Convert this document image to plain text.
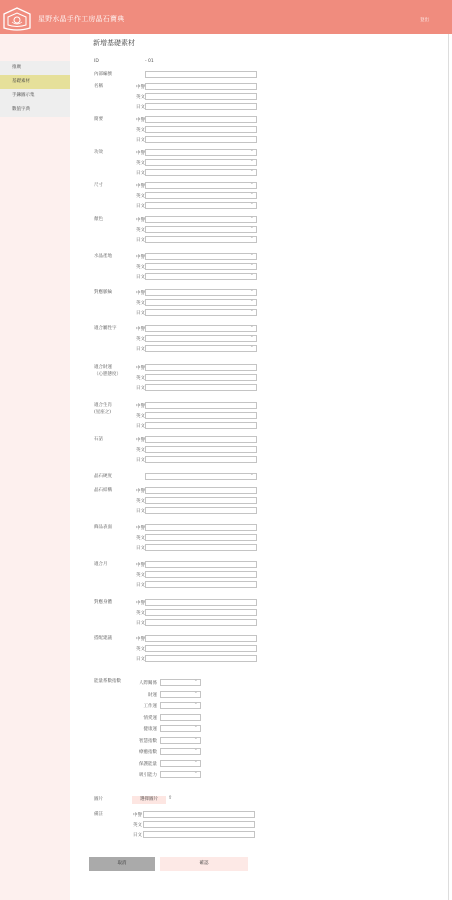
星野水晶手作工房晶石寶典	登出
推廣
基礎素材
手鍊圖示集
數值字典
新增基礎素材
ID	- 01
內部編號
名稱	中譽
英文
日文
簡要	中譽
英文
日文
功效	中譽
⌄
英文
⌄
日文
⌄
尺寸	中譽
⌄
英文
⌄
日文
⌄
顏色	中譽
⌄
英文
⌄
日文
⌄
水晶產地	中譽
⌄
英文
⌄
日文
⌄
對應脈輪	中譽
⌄
英文
⌄
日文
⌄
適合屬性字	中譽
⌄
英文
⌄
日文
⌄
適合財運
（心態態度）
中譽
英文
日文
適合生肖
(星座之)
中譽
英文
日文
石話	中譽
英文
日文
晶石硬度
⌄
晶石結構	中譽
英文
日文
飾品表面	中譽
英文
日文
適合月	中譽
英文
日文
對應身體	中譽
英文
日文
搭配建議	中譽
英文
日文
能量系數指數	人際關係
⌄
財運
⌄
工作運
⌄
情愛運
健康運
⌄
智慧指數
⌄
療癒指數
⌄
保護能量
⌄
吸引能力
⌄
圖片	選擇圖片	⇪
備註	中譽
英文
日文
取消	確認
